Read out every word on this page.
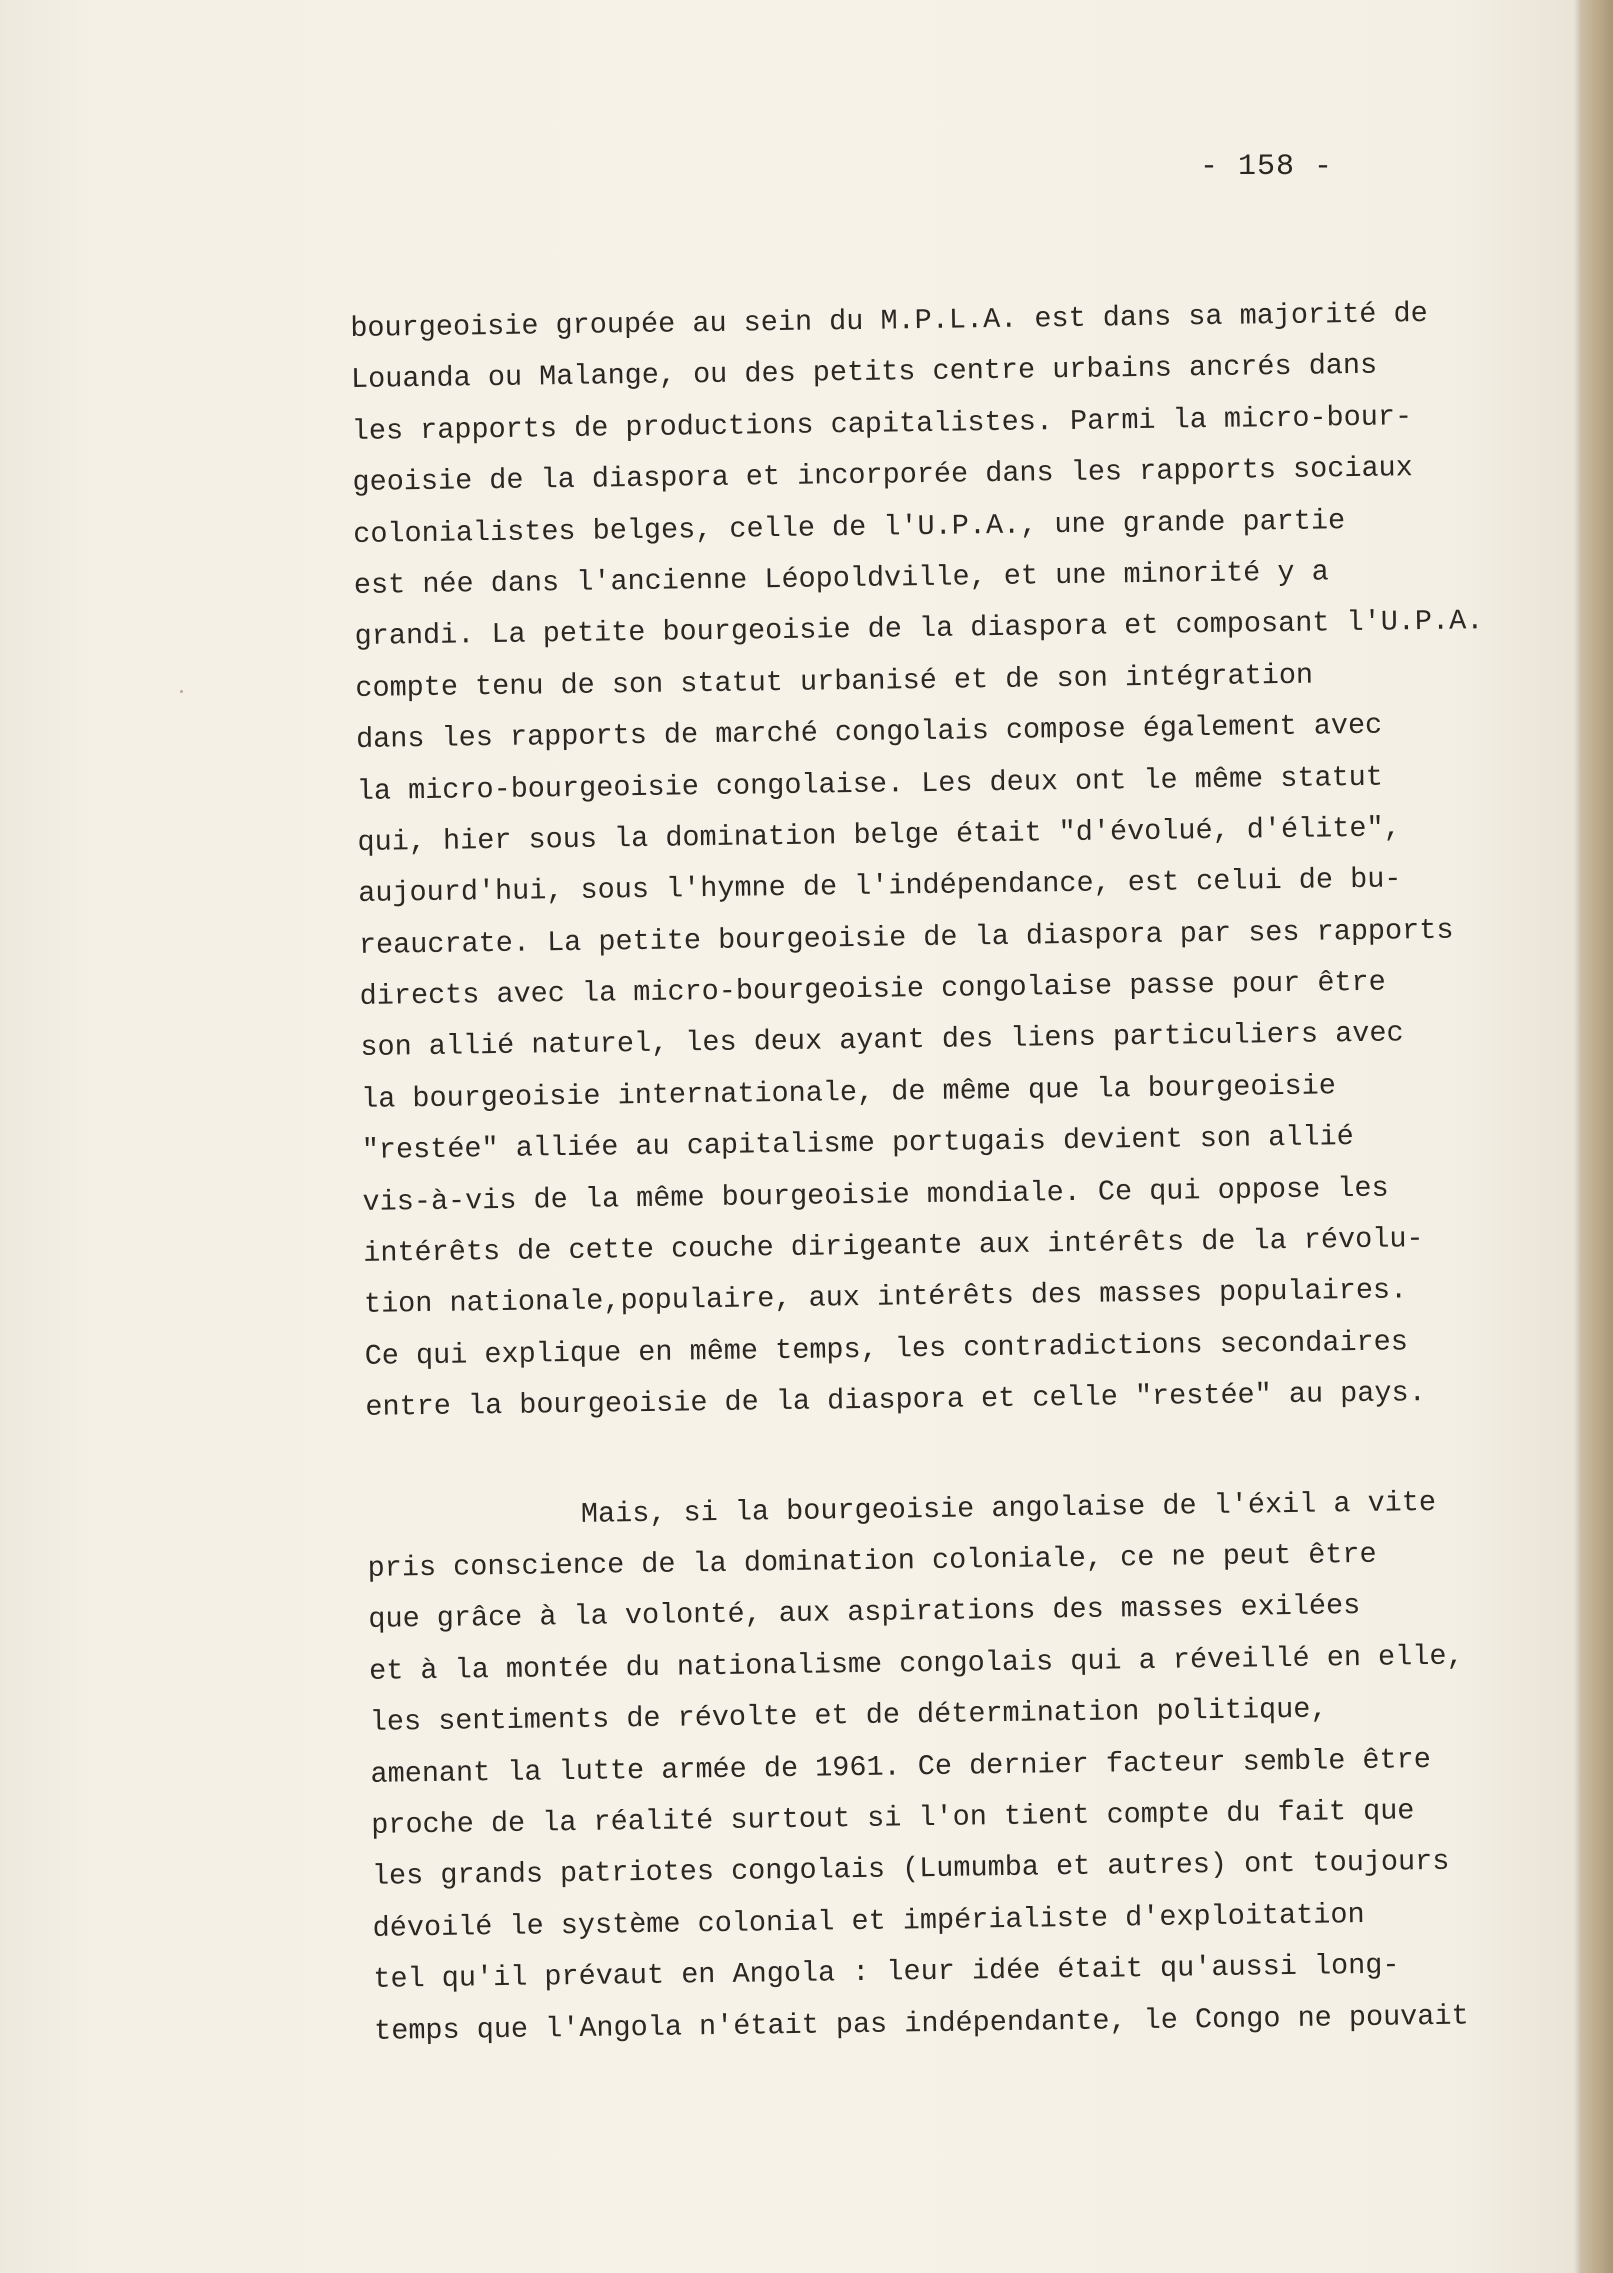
- 158 -
bourgeoisie groupée au sein du M.P.L.A. est dans sa majorité de
Louanda ou Malange, ou des petits centre urbains ancrés dans
les rapports de productions capitalistes. Parmi la micro-bour-
geoisie de la diaspora et incorporée dans les rapports sociaux
colonialistes belges, celle de l'U.P.A., une grande partie
est née dans l'ancienne Léopoldville, et une minorité y a
grandi. La petite bourgeoisie de la diaspora et composant l'U.P.A.
compte tenu de son statut urbanisé et de son intégration
dans les rapports de marché congolais compose également avec
la micro-bourgeoisie congolaise. Les deux ont le même statut
qui, hier sous la domination belge était "d'évolué, d'élite",
aujourd'hui, sous l'hymne de l'indépendance, est celui de bu-
reaucrate. La petite bourgeoisie de la diaspora par ses rapports
directs avec la micro-bourgeoisie congolaise passe pour être
son allié naturel, les deux ayant des liens particuliers avec
la bourgeoisie internationale, de même que la bourgeoisie
"restée" alliée au capitalisme portugais devient son allié
vis-à-vis de la même bourgeoisie mondiale. Ce qui oppose les
intérêts de cette couche dirigeante aux intérêts de la révolu-
tion nationale,populaire, aux intérêts des masses populaires.
Ce qui explique en même temps, les contradictions secondaires
entre la bourgeoisie de la diaspora et celle "restée" au pays.
Mais, si la bourgeoisie angolaise de l'éxil a vite
pris conscience de la domination coloniale, ce ne peut être
que grâce à la volonté, aux aspirations des masses exilées
et à la montée du nationalisme congolais qui a réveillé en elle,
les sentiments de révolte et de détermination politique,
amenant la lutte armée de 1961. Ce dernier facteur semble être
proche de la réalité surtout si l'on tient compte du fait que
les grands patriotes congolais (Lumumba et autres) ont toujours
dévoilé le système colonial et impérialiste d'exploitation
tel qu'il prévaut en Angola : leur idée était qu'aussi long-
temps que l'Angola n'était pas indépendante, le Congo ne pouvait
